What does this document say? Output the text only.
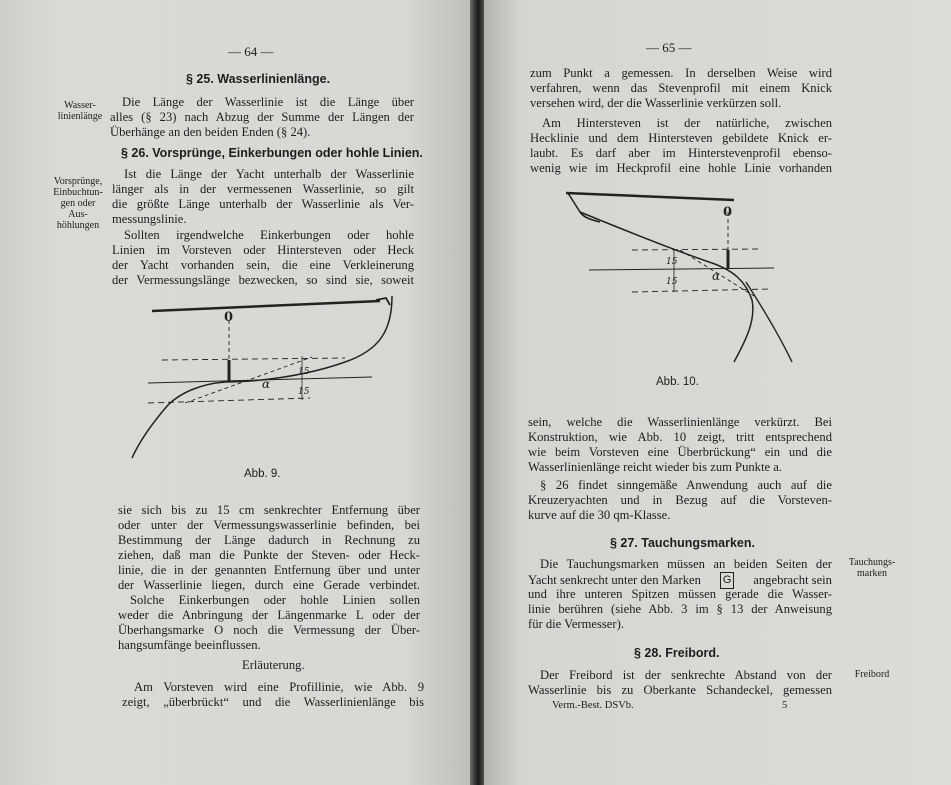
— 64 —
§ 25. Wasserlinienlänge.
Wasser-
linienlänge
Die Länge der Wasserlinie ist die Länge über
alles (§ 23) nach Abzug der Summe der Längen der
Überhänge an den beiden Enden (§ 24).
§ 26. Vorsprünge, Einkerbungen oder hohle Linien.
Vorsprünge,
Einbuchtun-
gen oder
Aus-
höhlungen
Ist die Länge der Yacht unterhalb der Wasserlinie
länger als in der vermessenen Wasserlinie, so gilt
die größte Länge unterhalb der Wasserlinie als Ver-
messungslinie.
Sollten irgendwelche Einkerbungen oder hohle
Linien im Vorsteven oder Hintersteven oder Heck
der Yacht vorhanden sein, die eine Verkleinerung
der Vermessungslänge bezwecken, so sind sie, soweit
0
α
15
15
Abb. 9.
sie sich bis zu 15 cm senkrechter Entfernung über
oder unter der Vermessungswasserlinie befinden, bei
Bestimmung der Länge dadurch in Rechnung zu
ziehen, daß man die Punkte der Steven- oder Heck-
linie, die in der genannten Entfernung über und unter
der Wasserlinie liegen, durch eine Gerade verbindet.
Solche Einkerbungen oder hohle Linien sollen
weder die Anbringung der Längenmarke L oder der
Überhangsmarke O noch die Vermessung der Über-
hangsumfänge beeinflussen.
Erläuterung.
Am Vorsteven wird eine Profillinie, wie Abb. 9
zeigt, „überbrückt“ und die Wasserlinienlänge bis
— 65 —
zum Punkt a gemessen. In derselben Weise wird
verfahren, wenn das Stevenprofil mit einem Knick
versehen wird, der die Wasserlinie verkürzen soll.
Am Hintersteven ist der natürliche, zwischen
Hecklinie und dem Hintersteven gebildete Knick er-
laubt. Es darf aber im Hinterstevenprofil ebenso-
wenig wie im Heckprofil eine hohle Linie vorhanden
0
α
15
15
Abb. 10.
sein, welche die Wasserlinienlänge verkürzt. Bei
Konstruktion, wie Abb. 10 zeigt, tritt entsprechend
wie beim Vorsteven eine Überbrückung“ ein und die
Wasserlinienlänge reicht wieder bis zum Punkte a.
§ 26 findet sinngemäße Anwendung auch auf die
Kreuzeryachten und in Bezug auf die Vorsteven-
kurve auf die 30 qm-Klasse.
§ 27. Tauchungsmarken.
Tauchungs-
marken
Die Tauchungsmarken müssen an beiden Seiten der
Yacht senkrecht unter den Marken G angebracht sein
und ihre unteren Spitzen müssen gerade die Wasser-
linie berühren (siehe Abb. 3 im § 13 der Anweisung
für die Vermesser).
§ 28. Freibord.
Freibord
Der Freibord ist der senkrechte Abstand von der
Wasserlinie bis zu Oberkante Schandeckel, gemessen
Verm.-Best. DSVb.	5
